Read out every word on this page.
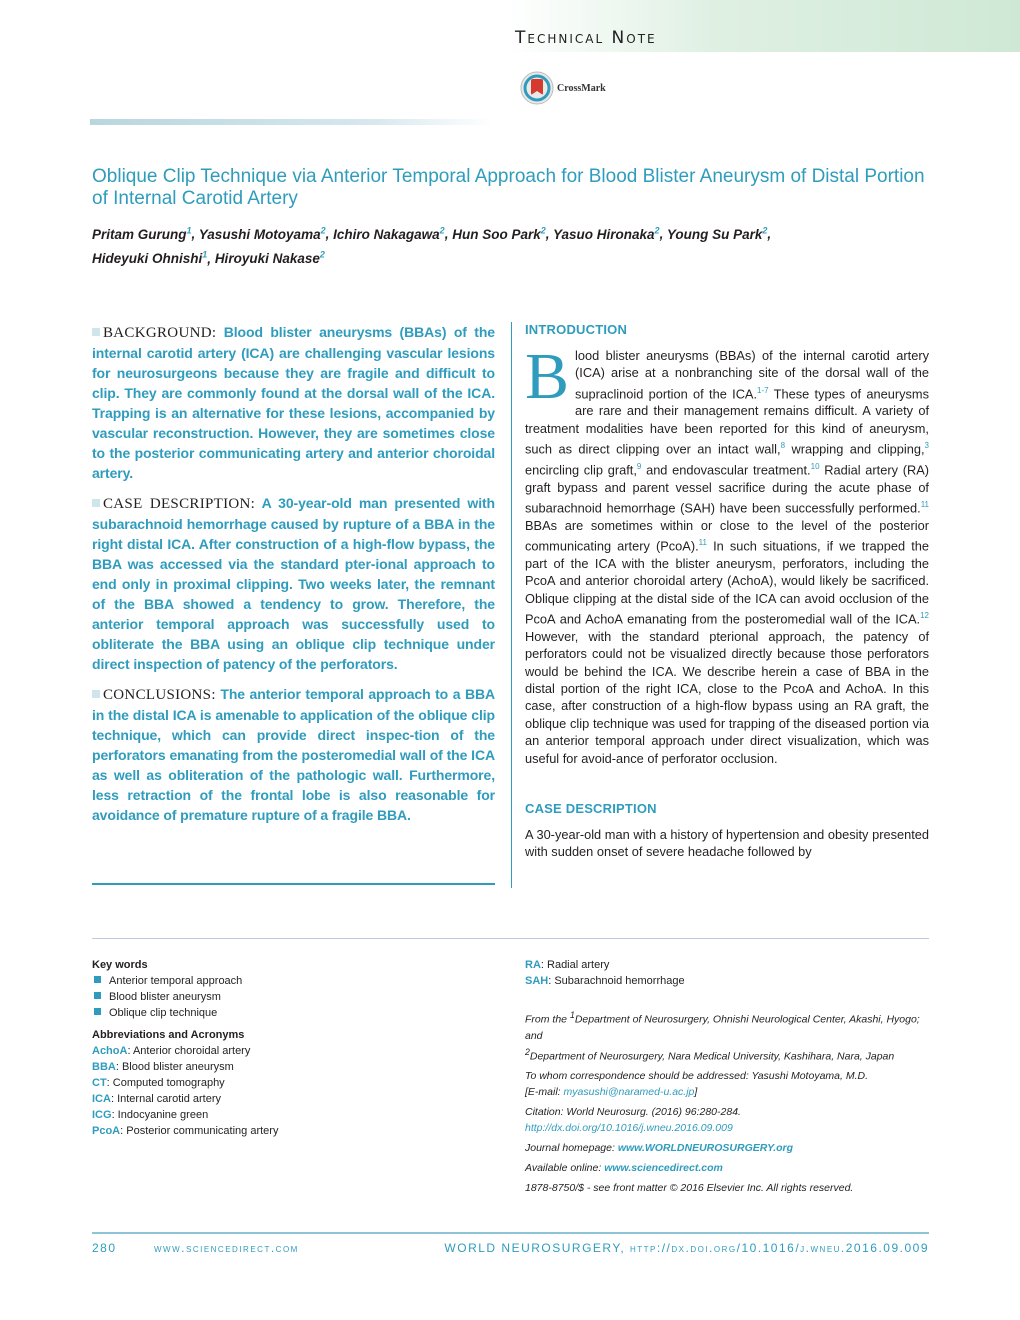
Technical Note
CrossMark
Oblique Clip Technique via Anterior Temporal Approach for Blood Blister Aneurysm of Distal Portion of Internal Carotid Artery
Pritam Gurung$^1$, Yasushi Motoyama$^2$, Ichiro Nakagawa$^2$, Hun Soo Park$^2$, Yasuo Hironaka$^2$, Young Su Park$^2$,
Hideyuki Ohnishi$^1$, Hiroyuki Nakase$^2$

BACKGROUND: Blood blister aneurysms (BBAs) of the internal carotid artery (ICA) are challenging vascular lesions for neurosurgeons because they are fragile and difficult to clip. They are commonly found at the dorsal wall of the ICA. Trapping is an alternative for these lesions, accompanied by vascular reconstruction. However, they are sometimes close to the posterior communicating artery and anterior choroidal artery.

CASE DESCRIPTION: A 30-year-old man presented with subarachnoid hemorrhage caused by rupture of a BBA in the right distal ICA. After construction of a high-flow bypass, the BBA was accessed via the standard pter-ional approach to end only in proximal clipping. Two weeks later, the remnant of the BBA showed a tendency to grow. Therefore, the anterior temporal approach was successfully used to obliterate the BBA using an oblique clip technique under direct inspection of patency of the perforators.

CONCLUSIONS: The anterior temporal approach to a BBA in the distal ICA is amenable to application of the oblique clip technique, which can provide direct inspec-tion of the perforators emanating from the posteromedial wall of the ICA as well as obliteration of the pathologic wall. Furthermore, less retraction of the frontal lobe is also reasonable for avoidance of premature rupture of a fragile BBA.

INTRODUCTION

Blood blister aneurysms (BBAs) of the internal carotid artery (ICA) arise at a nonbranching site of the dorsal wall of the supraclinoid portion of the ICA.$^{1-7}$ These types of aneurysms are rare and their management remains difficult. A variety of treatment modalities have been reported for this kind of aneurysm, such as direct clipping over an intact wall,$^8$ wrapping and clipping,$^3$ encircling clip graft,$^9$ and endovascular treatment.$^{10}$ Radial artery (RA) graft bypass and parent vessel sacrifice during the acute phase of subarachnoid hemorrhage (SAH) have been successfully performed.$^{11}$ BBAs are sometimes within or close to the level of the posterior communicating artery (PcoA).$^{11}$ In such situations, if we trapped the part of the ICA with the blister aneurysm, perforators, including the PcoA and anterior choroidal artery (AchoA), would likely be sacrificed. Oblique clipping at the distal side of the ICA can avoid occlusion of the PcoA and AchoA emanating from the posteromedial wall of the ICA.$^{12}$ However, with the standard pterional approach, the patency of perforators could not be visualized directly because those perforators would be behind the ICA. We describe herein a case of BBA in the distal portion of the right ICA, close to the PcoA and AchoA. In this case, after construction of a high-flow bypass using an RA graft, the oblique clip technique was used for trapping of the diseased portion via an anterior temporal approach under direct visualization, which was useful for avoid-ance of perforator occlusion.

CASE DESCRIPTION

A 30-year-old man with a history of hypertension and obesity presented with sudden onset of severe headache followed by

Key words
Anterior temporal approach
Blood blister aneurysm
Oblique clip technique
Abbreviations and Acronyms
AchoA: Anterior choroidal artery
BBA: Blood blister aneurysm
CT: Computed tomography
ICA: Internal carotid artery
ICG: Indocyanine green
PcoA: Posterior communicating artery
RA: Radial artery
SAH: Subarachnoid hemorrhage
From the $^1$Department of Neurosurgery, Ohnishi Neurological Center, Akashi, Hyogo; and
$^2$Department of Neurosurgery, Nara Medical University, Kashihara, Nara, Japan
To whom correspondence should be addressed: Yasushi Motoyama, M.D.
[E-mail: myasushi@naramed-u.ac.jp]
Citation: World Neurosurg. (2016) 96:280-284.
http://dx.doi.org/10.1016/j.wneu.2016.09.009
Journal homepage: www.WORLDNEUROSURGERY.org
Available online: www.sciencedirect.com
1878-8750/$ - see front matter © 2016 Elsevier Inc. All rights reserved.
280	www.sciencedirect.com	WORLD NEUROSURGERY, http://dx.doi.org/10.1016/j.wneu.2016.09.009
